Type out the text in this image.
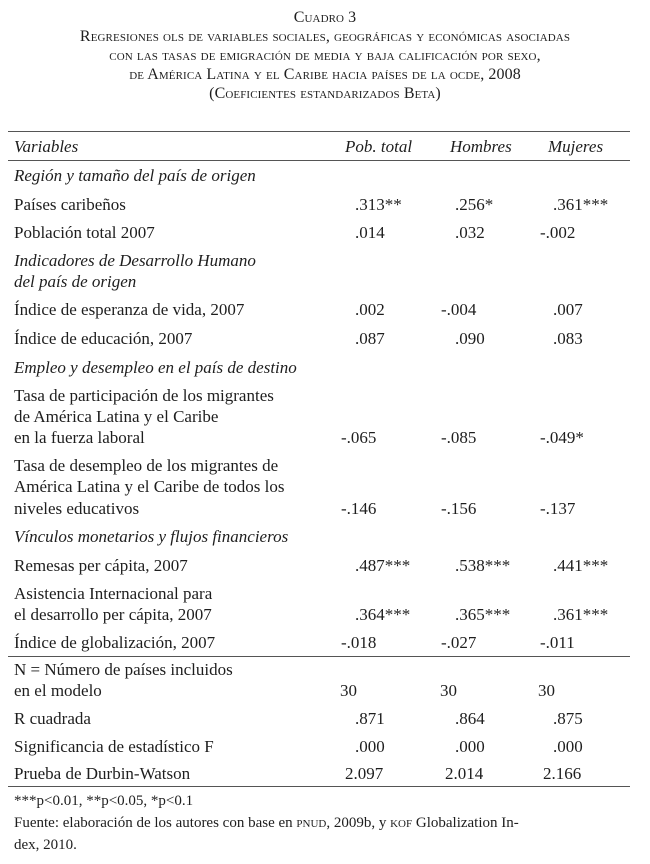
Cuadro 3
Regresiones ols de variables sociales, geográficas y económicas asociadas
con las tasas de emigración de media y baja calificación por sexo,
de América Latina y el Caribe hacia países de la ocde, 2008
(Coeficientes estandarizados Beta)
Variables	Pob. total Hombres Mujeres
Región y tamaño del país de origen
Países caribeños	.313**	.256*	.361***
Población total 2007	.014	.032	-.002
Indicadores de Desarrollo Humano
del país de origen
Índice de esperanza de vida, 2007	.002	-.004	.007
Índice de educación, 2007	.087	.090	.083
Empleo y desempleo en el país de destino
Tasa de participación de los migrantes
de América Latina y el Caribe
en la fuerza laboral	-.065	-.085	-.049*
Tasa de desempleo de los migrantes de
América Latina y el Caribe de todos los
niveles educativos	-.146	-.156	-.137
Vínculos monetarios y flujos financieros
Remesas per cápita, 2007	.487***	.538***	.441***
Asistencia Internacional para
el desarrollo per cápita, 2007	.364***	.365***	.361***
Índice de globalización, 2007	-.018	-.027	-.011
N = Número de países incluidos
en el modelo	30	30	30
R cuadrada	.871	.864	.875
Significancia de estadístico F	.000	.000	.000
Prueba de Durbin-Watson	2.097	2.014	2.166
***p<0.01, **p<0.05, *p<0.1
Fuente: elaboración de los autores con base en pnud, 2009b, y kof Globalization In-
dex, 2010.
